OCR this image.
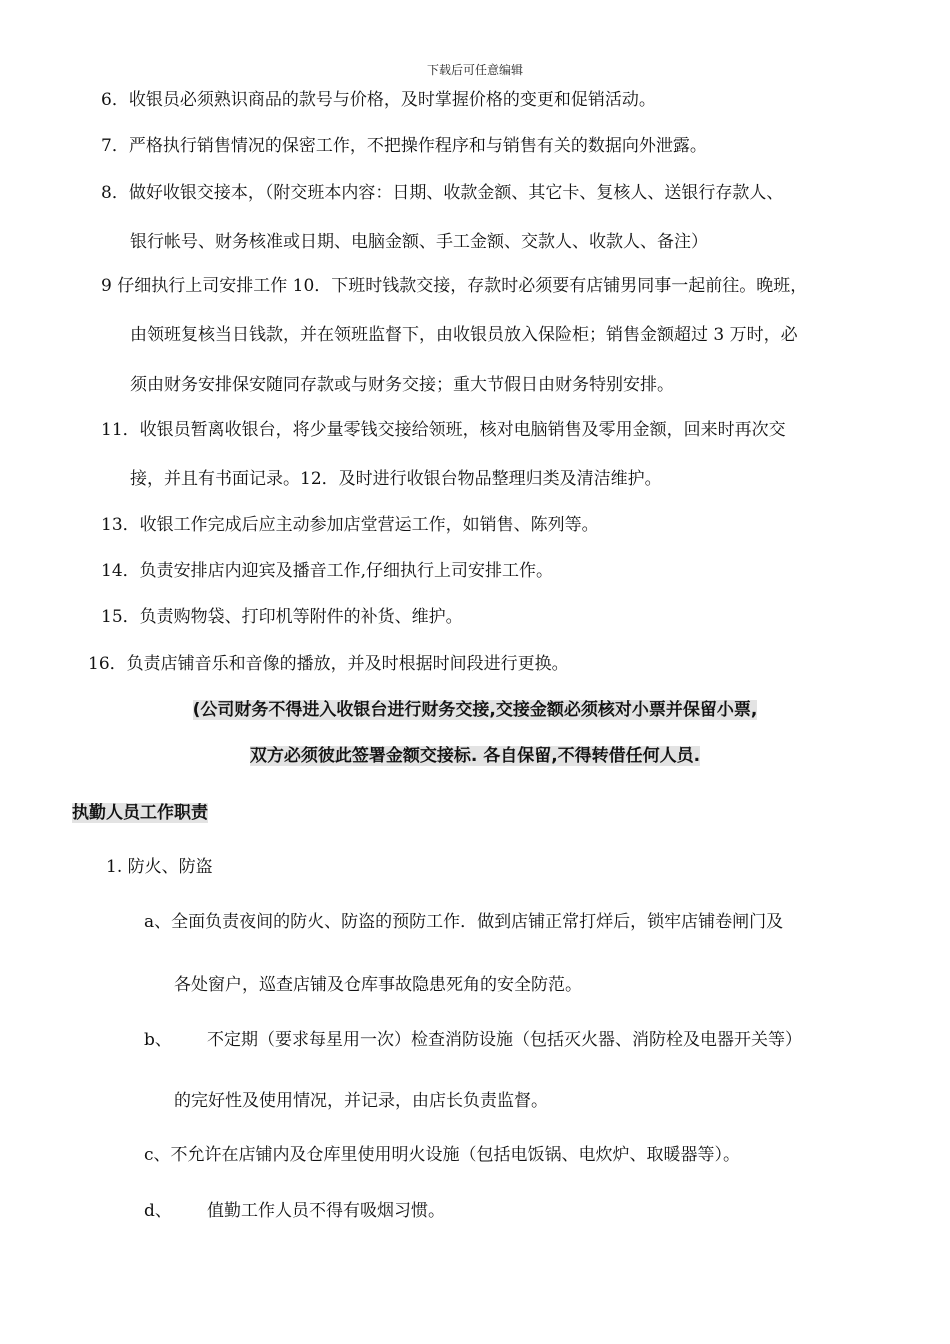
下载后可任意编辑
6．收银员必须熟识商品的款号与价格，及时掌握价格的变更和促销活动。
7．严格执行销售情况的保密工作，不把操作程序和与销售有关的数据向外泄露。
8．做好收银交接本，（附交班本内容：日期、收款金额、其它卡、复核人、送银行存款人、
银行帐号、财务核准或日期、电脑金额、手工金额、交款人、收款人、备注）
9 仔细执行上司安排工作 10．下班时钱款交接，存款时必须要有店铺男同事一起前往。晚班，
由领班复核当日钱款，并在领班监督下，由收银员放入保险柜；销售金额超过 3 万时，必
须由财务安排保安随同存款或与财务交接；重大节假日由财务特别安排。
11．收银员暂离收银台，将少量零钱交接给领班，核对电脑销售及零用金额，回来时再次交
接，并且有书面记录。12．及时进行收银台物品整理归类及清洁维护。
13．收银工作完成后应主动参加店堂营运工作，如销售、陈列等。
14．负责安排店内迎宾及播音工作,仔细执行上司安排工作。
15．负责购物袋、打印机等附件的补货、维护。
16．负责店铺音乐和音像的播放，并及时根据时间段进行更换。
(公司财务不得进入收银台进行财务交接,交接金额必须核对小票并保留小票,
双方必须彼此签署金额交接标. 各自保留,不得转借任何人员.
执勤人员工作职责
1. 防火、防盗
a、全面负责夜间的防火、防盗的预防工作．做到店铺正常打烊后，锁牢店铺卷闸门及
各处窗户，巡查店铺及仓库事故隐患死角的安全防范。
b、 不定期（要求每星用一次）检查消防设施（包括灭火器、消防栓及电器开关等）
的完好性及使用情况，并记录，由店长负责监督。
c、不允许在店铺内及仓库里使用明火设施（包括电饭锅、电炊炉、取暖器等）。
d、 值勤工作人员不得有吸烟习惯。
